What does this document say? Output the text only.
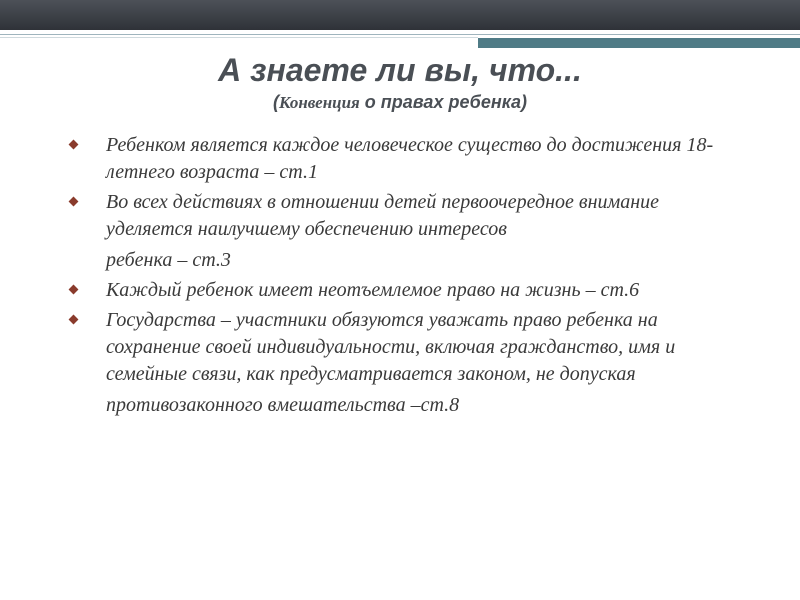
А знаете ли вы, что...

(Конвенция о правах ребенка)

Ребенком является каждое человеческое существо до достижения 18-летнего возраста – ст.1
Во всех действиях в отношении детей первоочередное внимание уделяется наилучшему обеспечению интересов
ребенка – ст.3
Каждый ребенок имеет неотъемлемое право на жизнь – ст.6
Государства – участники обязуются уважать право ребенка на сохранение своей индивидуальности, включая гражданство, имя и семейные связи, как предусматривается законом, не допуская
противозаконного вмешательства –ст.8
